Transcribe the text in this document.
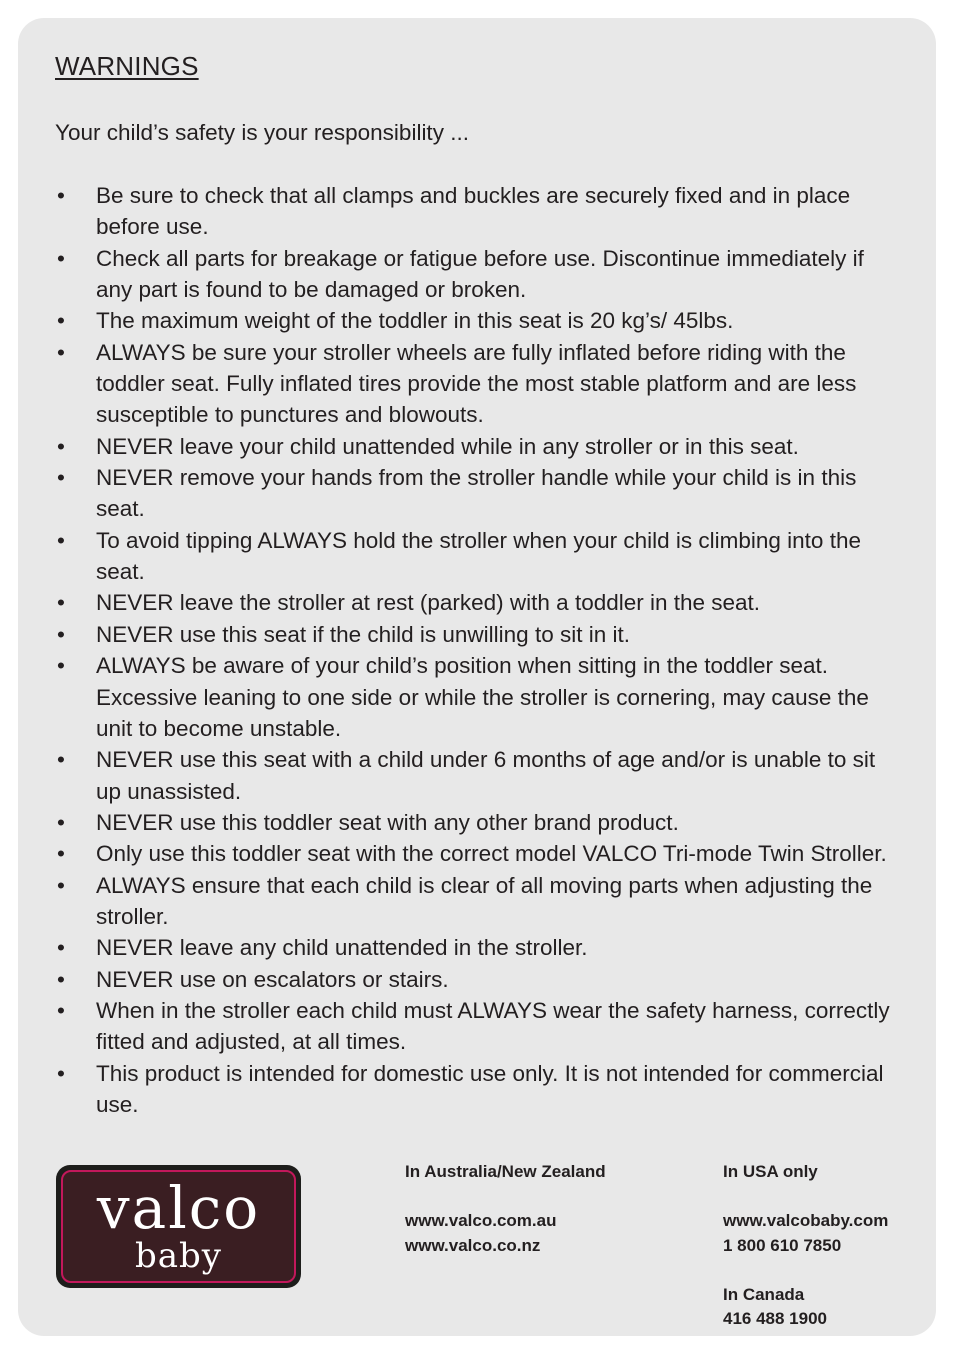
WARNINGS

Your child’s safety is your responsibility ...

• Be sure to check that all clamps and buckles are securely fixed and in place before use.
• Check all parts for breakage or fatigue before use. Discontinue immediately if any part is found to be damaged or broken.
• The maximum weight of the toddler in this seat is 20 kg’s/ 45lbs.
• ALWAYS be sure your stroller wheels are fully inflated before riding with the toddler seat. Fully inflated tires provide the most stable platform and are less susceptible to punctures and blowouts.
• NEVER leave your child unattended while in any stroller or in this seat.
• NEVER remove your hands from the stroller handle while your child is in this seat.
• To avoid tipping ALWAYS hold the stroller when your child is climbing into the seat.
• NEVER leave the stroller at rest (parked) with a toddler in the seat.
• NEVER use this seat if the child is unwilling to sit in it.
• ALWAYS be aware of your child’s position when sitting in the toddler seat. Excessive leaning to one side or while the stroller is cornering, may cause the unit to become unstable.
• NEVER use this seat with a child under 6 months of age and/or is unable to sit up unassisted.
• NEVER use this toddler seat with any other brand product.
• Only use this toddler seat with the correct model VALCO Tri-mode Twin Stroller.
• ALWAYS ensure that each child is clear of all moving parts when adjusting the stroller.
• NEVER leave any child unattended in the stroller.
• NEVER use on escalators or stairs.
• When in the stroller each child must ALWAYS wear the safety harness, correctly fitted and adjusted, at all times.
• This product is intended for domestic use only. It is not intended for commercial use.
valco
baby
In Australia/New Zealand
www.valco.com.au
www.valco.co.nz
In USA only
www.valcobaby.com
1 800 610 7850
In Canada
416 488 1900
